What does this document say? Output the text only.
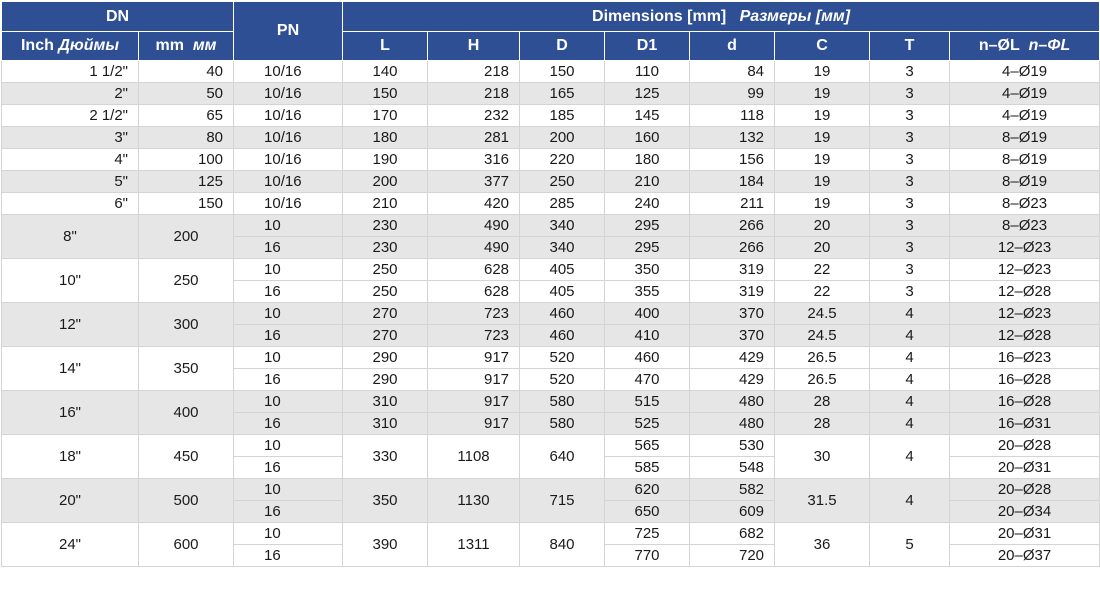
DN		PN	Dimensions [mm] Размеры [мм]							
Inch Дюймы	mm мм		L	H	D	D1	d	C	T	n–ØL n–ΦL
1 1/2"	40	10/16	140	218	150	110	84	19	3	4–Ø19
2"	50	10/16	150	218	165	125	99	19	3	4–Ø19
2 1/2"	65	10/16	170	232	185	145	118	19	3	4–Ø19
3"	80	10/16	180	281	200	160	132	19	3	8–Ø19
4"	100	10/16	190	316	220	180	156	19	3	8–Ø19
5"	125	10/16	200	377	250	210	184	19	3	8–Ø19
6"	150	10/16	210	420	285	240	211	19	3	8–Ø23
8"	200	10	230	490	340	295	266	20	3	8–Ø23
		16	230	490	340	295	266	20	3	12–Ø23
10"	250	10	250	628	405	350	319	22	3	12–Ø23
		16	250	628	405	355	319	22	3	12–Ø28
12"	300	10	270	723	460	400	370	24.5	4	12–Ø23
		16	270	723	460	410	370	24.5	4	12–Ø28
14"	350	10	290	917	520	460	429	26.5	4	16–Ø23
		16	290	917	520	470	429	26.5	4	16–Ø28
16"	400	10	310	917	580	515	480	28	4	16–Ø28
		16	310	917	580	525	480	28	4	16–Ø31
18"	450	10	330	1108	640	565	530	30	4	20–Ø28
		16				585	548			20–Ø31
20"	500	10	350	1130	715	620	582	31.5	4	20–Ø28
		16				650	609			20–Ø34
24"	600	10	390	1311	840	725	682	36	5	20–Ø31
		16				770	720			20–Ø37
